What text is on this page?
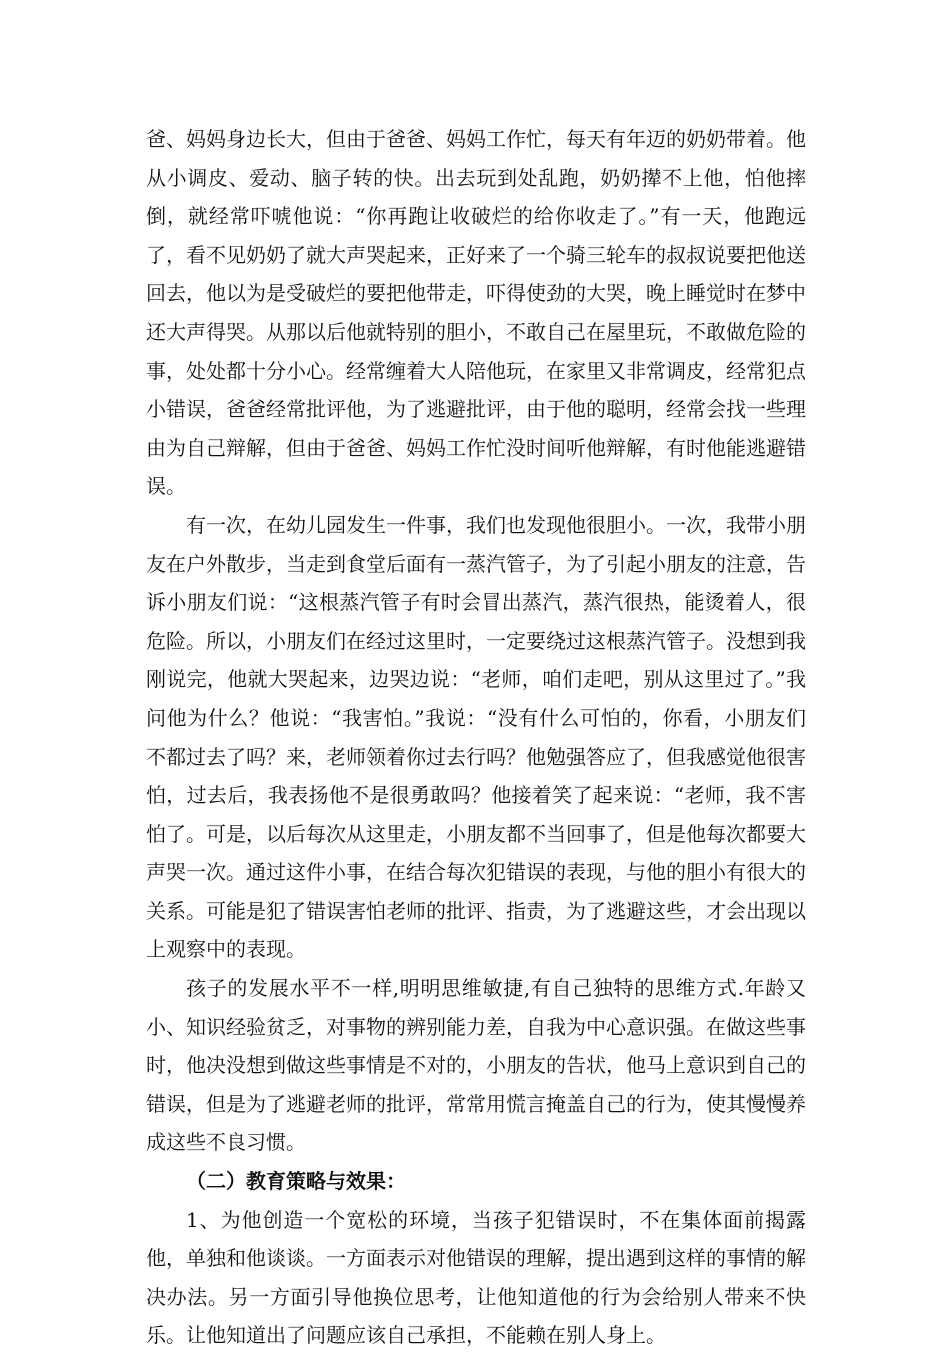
爸、妈妈身边长大，但由于爸爸、妈妈工作忙，每天有年迈的奶奶带着。他从小调皮、爱动、脑子转的快。出去玩到处乱跑，奶奶撵不上他，怕他摔倒，就经常吓唬他说：“你再跑让收破烂的给你收走了。”有一天，他跑远了，看不见奶奶了就大声哭起来，正好来了一个骑三轮车的叔叔说要把他送回去，他以为是受破烂的要把他带走，吓得使劲的大哭，晚上睡觉时在梦中还大声得哭。从那以后他就特别的胆小，不敢自己在屋里玩，不敢做危险的事，处处都十分小心。经常缠着大人陪他玩，在家里又非常调皮，经常犯点小错误，爸爸经常批评他，为了逃避批评，由于他的聪明，经常会找一些理由为自己辩解，但由于爸爸、妈妈工作忙没时间听他辩解，有时他能逃避错误。

有一次，在幼儿园发生一件事，我们也发现他很胆小。一次，我带小朋友在户外散步，当走到食堂后面有一蒸汽管子，为了引起小朋友的注意，告诉小朋友们说：“这根蒸汽管子有时会冒出蒸汽，蒸汽很热，能烫着人，很危险。所以，小朋友们在经过这里时，一定要绕过这根蒸汽管子。没想到我刚说完，他就大哭起来，边哭边说：“老师，咱们走吧，别从这里过了。”我问他为什么？他说：“我害怕。”我说：“没有什么可怕的，你看，小朋友们不都过去了吗？来，老师领着你过去行吗？他勉强答应了，但我感觉他很害怕，过去后，我表扬他不是很勇敢吗？他接着笑了起来说：“老师，我不害怕了。可是，以后每次从这里走，小朋友都不当回事了，但是他每次都要大声哭一次。通过这件小事，在结合每次犯错误的表现，与他的胆小有很大的关系。可能是犯了错误害怕老师的批评、指责，为了逃避这些，才会出现以上观察中的表现。

孩子的发展水平不一样,明明思维敏捷,有自己独特的思维方式.年龄又小、知识经验贫乏，对事物的辨别能力差，自我为中心意识强。在做这些事时，他决没想到做这些事情是不对的，小朋友的告状，他马上意识到自己的错误，但是为了逃避老师的批评，常常用慌言掩盖自己的行为，使其慢慢养成这些不良习惯。

（二）教育策略与效果：

1、为他创造一个宽松的环境，当孩子犯错误时，不在集体面前揭露他，单独和他谈谈。一方面表示对他错误的理解，提出遇到这样的事情的解决办法。另一方面引导他换位思考，让他知道他的行为会给别人带来不快乐。让他知道出了问题应该自己承担，不能赖在别人身上。
